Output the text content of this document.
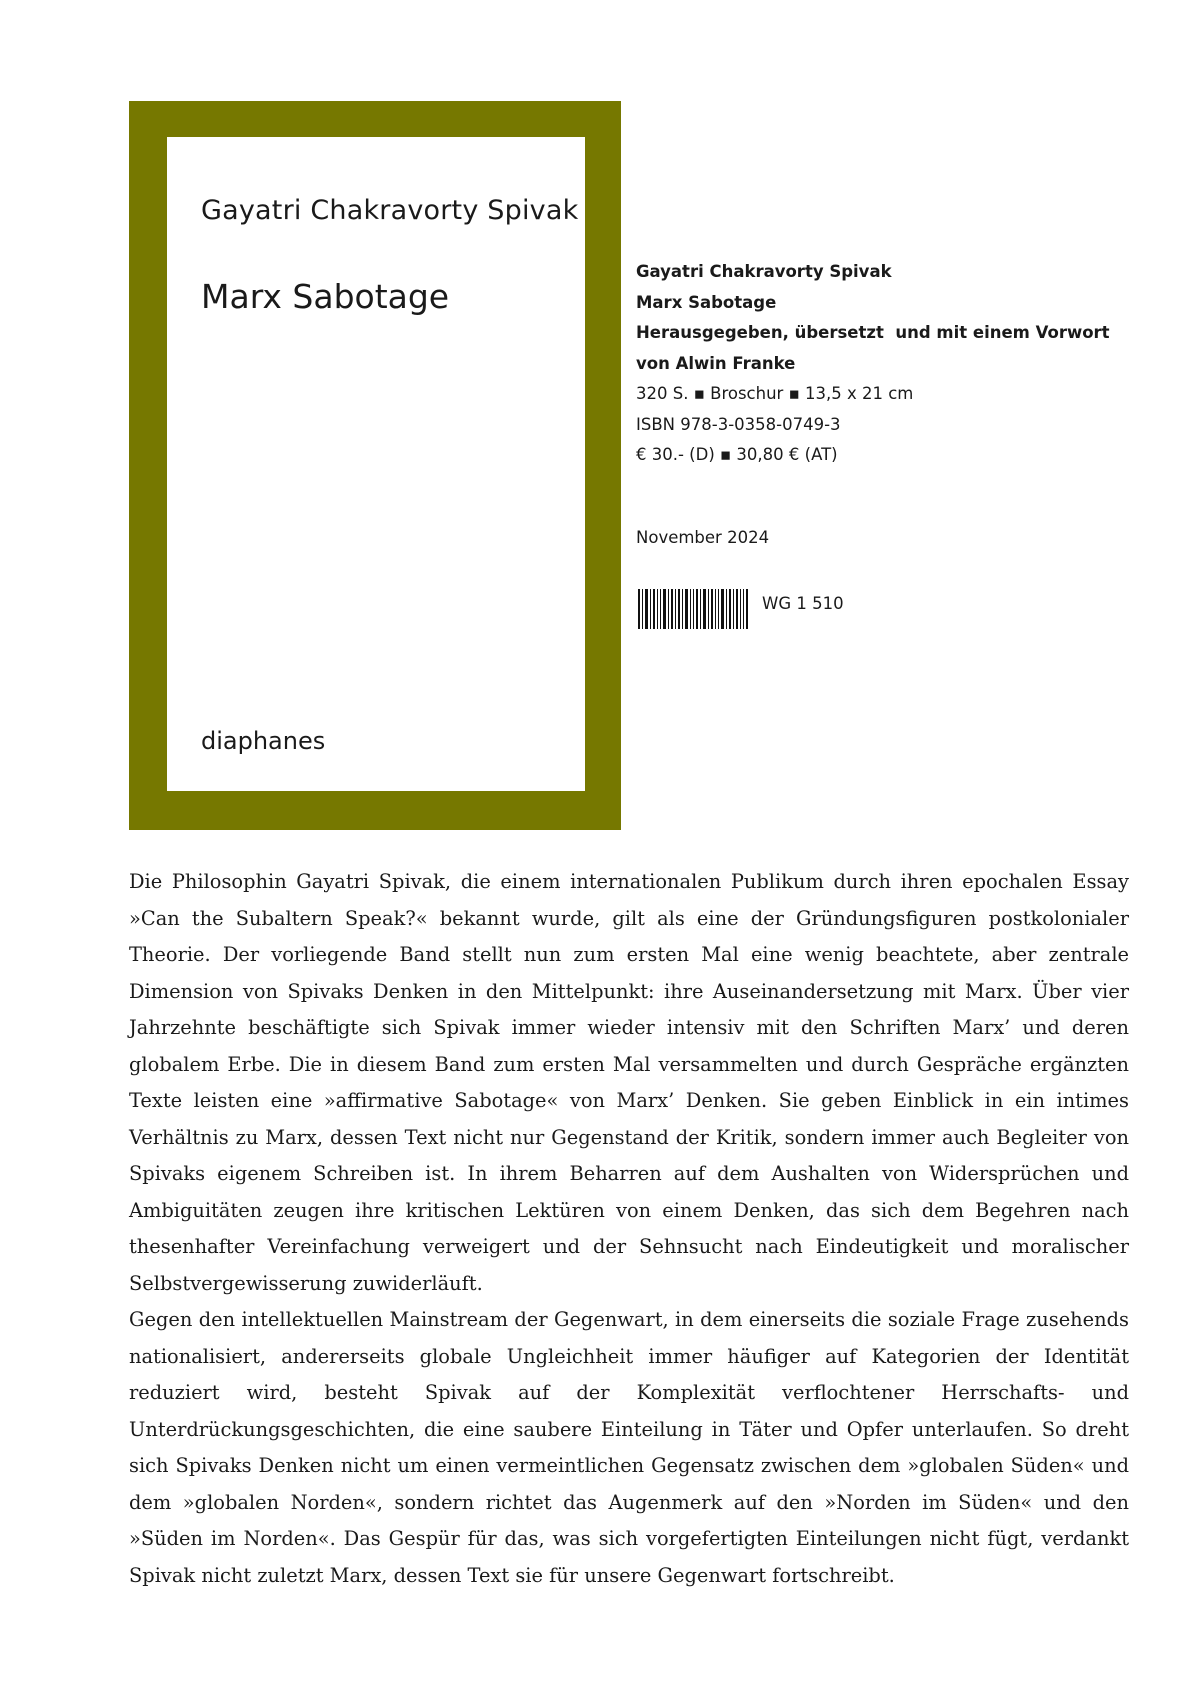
Gayatri Chakravorty Spivak
Marx Sabotage
diaphanes
Gayatri Chakravorty Spivak
Marx Sabotage
Herausgegeben, übersetzt  und mit einem Vorwort
von Alwin Franke
320 S. ▪ Broschur ▪ 13,5 x 21 cm
ISBN 978-3-0358-0749-3
€ 30.- (D) ▪ 30,80 € (AT)
November 2024
WG 1 510

Die Philosophin Gayatri Spivak, die einem internationalen Publikum durch ihren epochalen Essay »Can the Subaltern Speak?« bekannt wurde, gilt als eine der Gründungsfiguren postkolonialer Theorie. Der vorliegende Band stellt nun zum ersten Mal eine wenig beachtete, aber zentrale Dimension von Spivaks Denken in den Mittelpunkt: ihre Auseinandersetzung mit Marx. Über vier Jahrzehnte beschäftigte sich Spivak immer wieder intensiv mit den Schriften Marx’ und deren globalem Erbe. Die in diesem Band zum ersten Mal versammelten und durch Gespräche ergänzten Texte leisten eine »affirmative Sabotage« von Marx’ Denken. Sie geben Einblick in ein intimes Verhältnis zu Marx, dessen Text nicht nur Gegenstand der Kritik, sondern immer auch Begleiter von Spivaks eigenem Schreiben ist. In ihrem Beharren auf dem Aushalten von Widersprüchen und Ambiguitäten zeugen ihre kritischen Lektüren von einem Denken, das sich dem Begehren nach thesenhafter Vereinfachung verweigert und der Sehnsucht nach Eindeutigkeit und moralischer Selbstvergewisserung zuwiderläuft.

Gegen den intellektuellen Mainstream der Gegenwart, in dem einerseits die soziale Frage zusehends nationalisiert, andererseits globale Ungleichheit immer häufiger auf Kategorien der Identität reduziert wird, besteht Spivak auf der Komplexität verflochtener Herrschafts- und Unterdrückungsgeschichten, die eine saubere Einteilung in Täter und Opfer unterlaufen. So dreht sich Spivaks Denken nicht um einen vermeintlichen Gegensatz zwischen dem »globalen Süden« und dem »globalen Norden«, sondern richtet das Augenmerk auf den »Norden im Süden« und den »Süden im Norden«. Das Gespür für das, was sich vorgefertigten Einteilungen nicht fügt, verdankt Spivak nicht zuletzt Marx, dessen Text sie für unsere Gegenwart fortschreibt.
